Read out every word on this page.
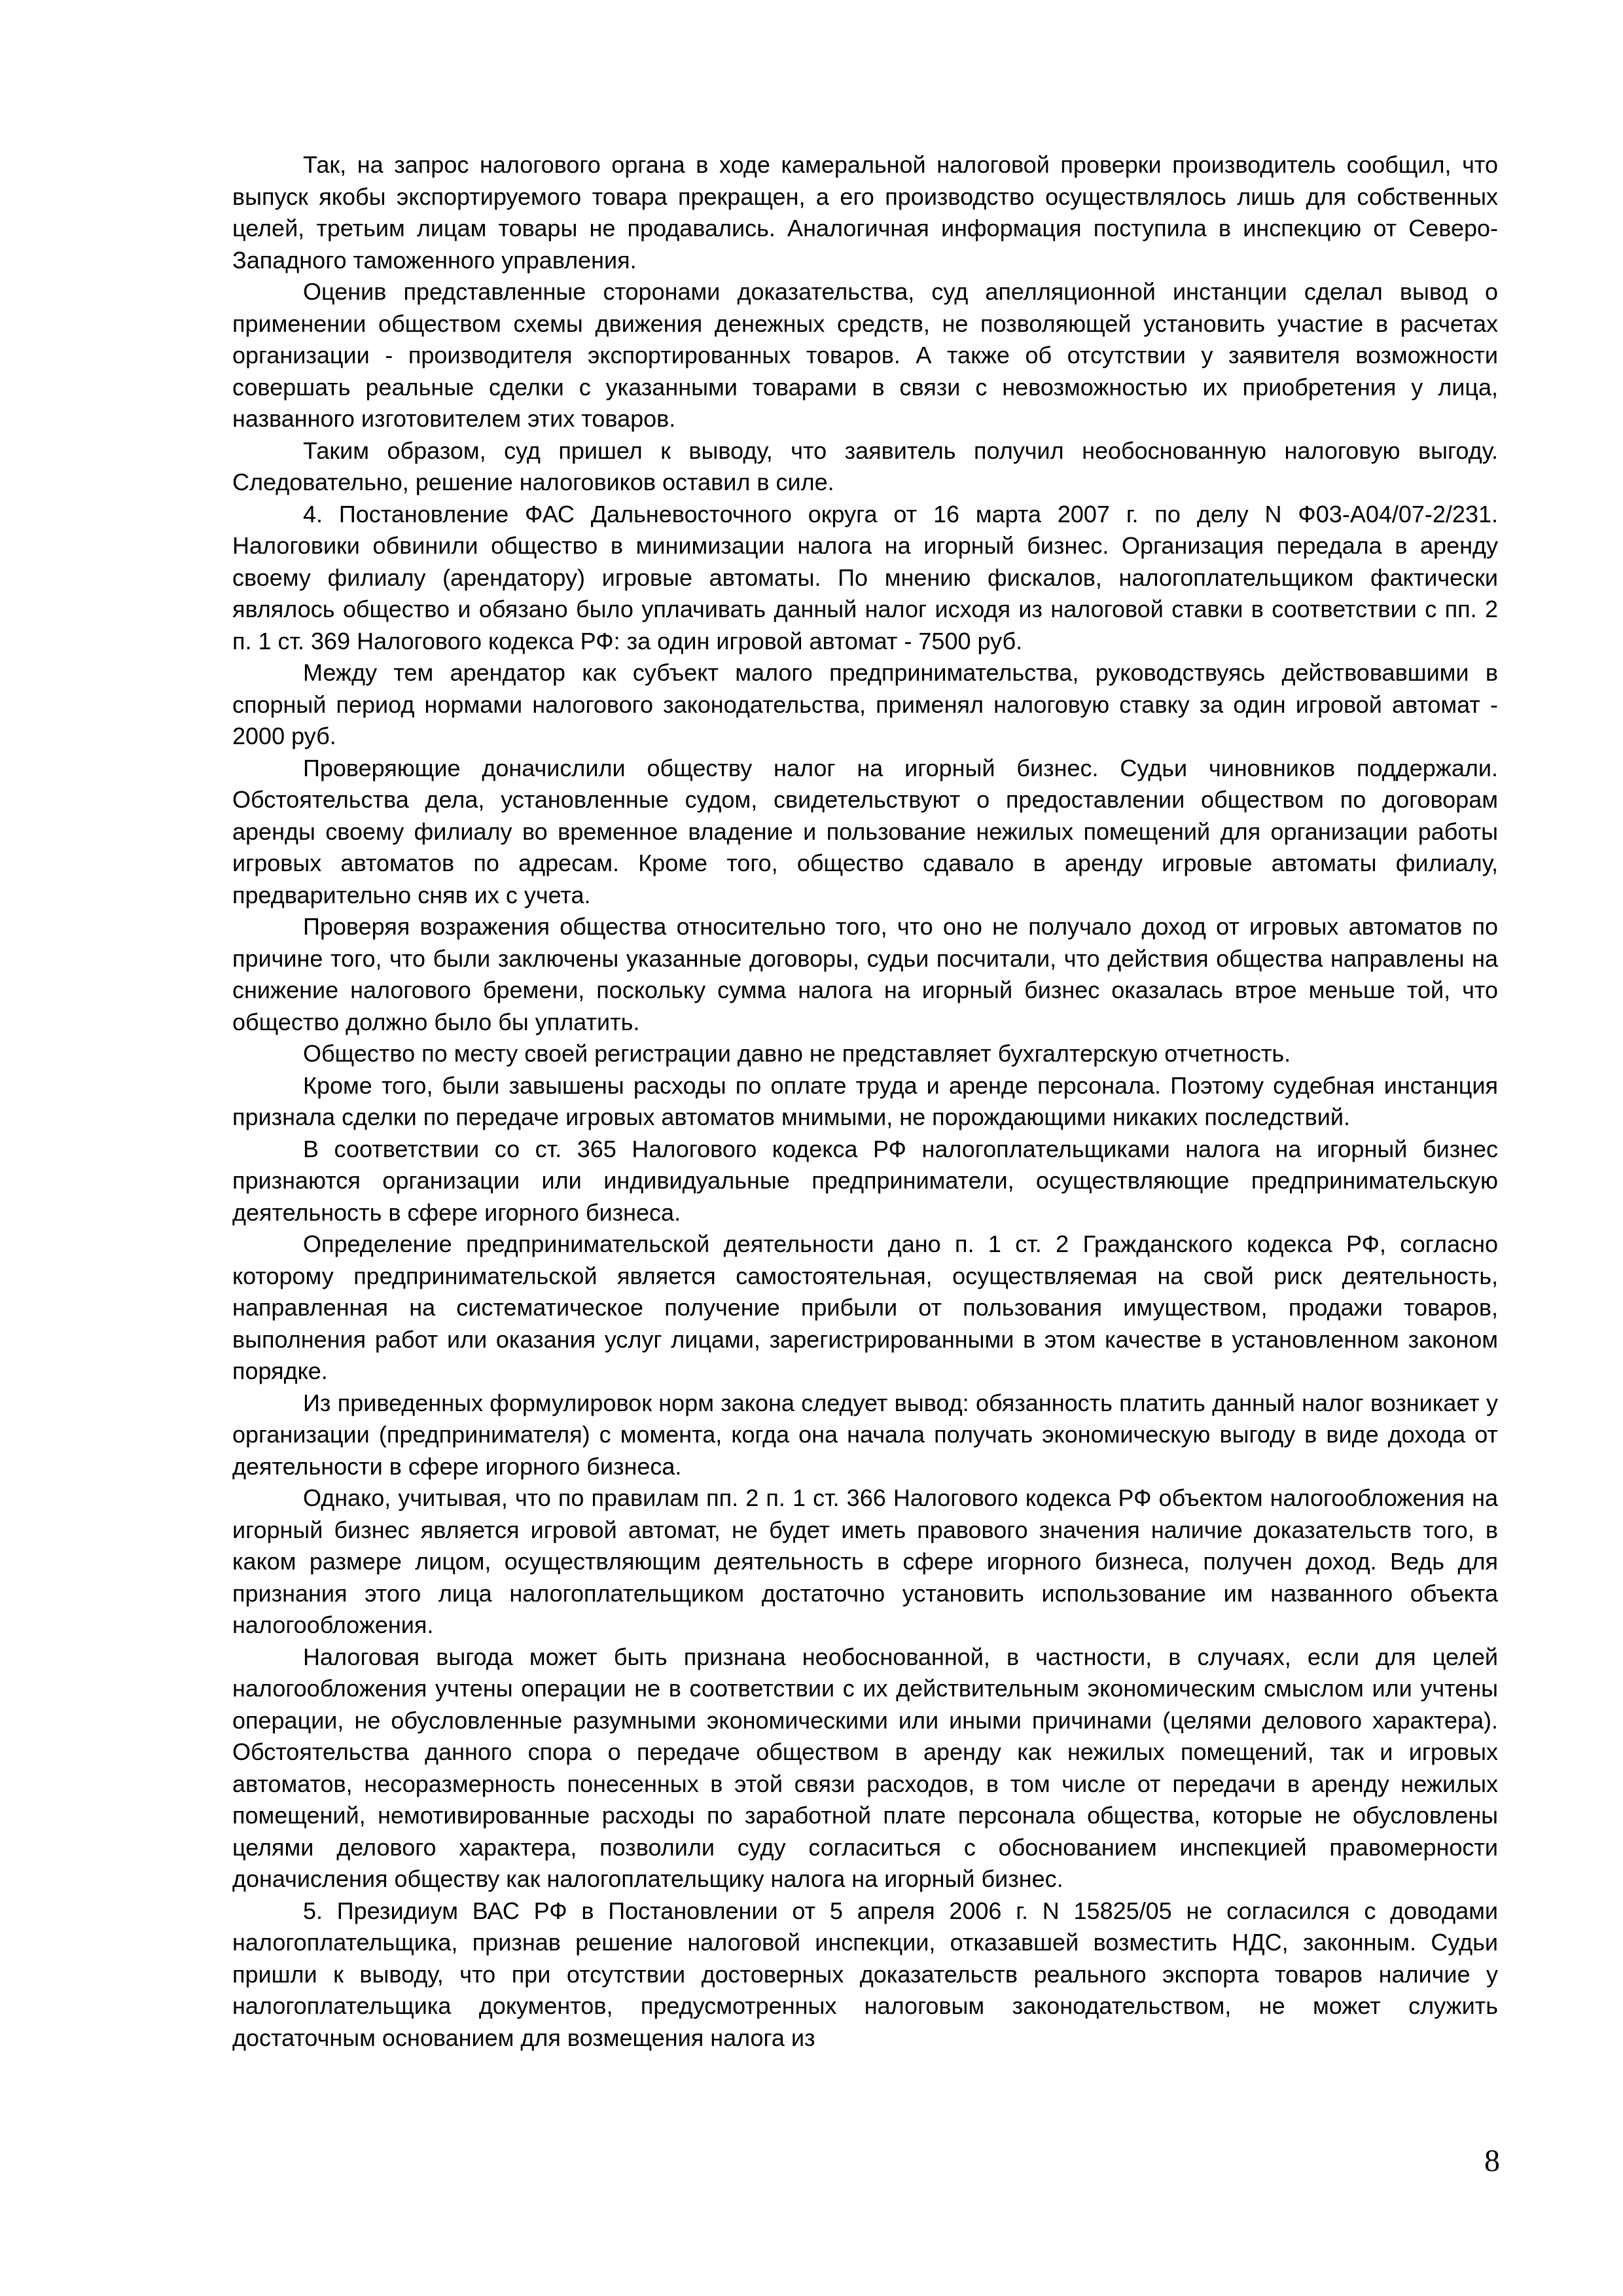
Так, на запрос налогового органа в ходе камеральной налоговой проверки производитель сообщил, что выпуск якобы экспортируемого товара прекращен, а его производство осуществлялось лишь для собственных целей, третьим лицам товары не продавались. Аналогичная информация поступила в инспекцию от Северо-Западного таможенного управления.

Оценив представленные сторонами доказательства, суд апелляционной инстанции сделал вывод о применении обществом схемы движения денежных средств, не позволяющей установить участие в расчетах организации - производителя экспортированных товаров. А также об отсутствии у заявителя возможности совершать реальные сделки с указанными товарами в связи с невозможностью их приобретения у лица, названного изготовителем этих товаров.

Таким образом, суд пришел к выводу, что заявитель получил необоснованную налоговую выгоду. Следовательно, решение налоговиков оставил в силе.

4. Постановление ФАС Дальневосточного округа от 16 марта 2007 г. по делу N Ф03-А04/07-2/231. Налоговики обвинили общество в минимизации налога на игорный бизнес. Организация передала в аренду своему филиалу (арендатору) игровые автоматы. По мнению фискалов, налогоплательщиком фактически являлось общество и обязано было уплачивать данный налог исходя из налоговой ставки в соответствии с пп. 2 п. 1 ст. 369 Налогового кодекса РФ: за один игровой автомат - 7500 руб.

Между тем арендатор как субъект малого предпринимательства, руководствуясь действовавшими в спорный период нормами налогового законодательства, применял налоговую ставку за один игровой автомат - 2000 руб.

Проверяющие доначислили обществу налог на игорный бизнес. Судьи чиновников поддержали. Обстоятельства дела, установленные судом, свидетельствуют о предоставлении обществом по договорам аренды своему филиалу во временное владение и пользование нежилых помещений для организации работы игровых автоматов по адресам. Кроме того, общество сдавало в аренду игровые автоматы филиалу, предварительно сняв их с учета.

Проверяя возражения общества относительно того, что оно не получало доход от игровых автоматов по причине того, что были заключены указанные договоры, судьи посчитали, что действия общества направлены на снижение налогового бремени, поскольку сумма налога на игорный бизнес оказалась втрое меньше той, что общество должно было бы уплатить.

Общество по месту своей регистрации давно не представляет бухгалтерскую отчетность.

Кроме того, были завышены расходы по оплате труда и аренде персонала. Поэтому судебная инстанция признала сделки по передаче игровых автоматов мнимыми, не порождающими никаких последствий.

В соответствии со ст. 365 Налогового кодекса РФ налогоплательщиками налога на игорный бизнес признаются организации или индивидуальные предприниматели, осуществляющие предпринимательскую деятельность в сфере игорного бизнеса.

Определение предпринимательской деятельности дано п. 1 ст. 2 Гражданского кодекса РФ, согласно которому предпринимательской является самостоятельная, осуществляемая на свой риск деятельность, направленная на систематическое получение прибыли от пользования имуществом, продажи товаров, выполнения работ или оказания услуг лицами, зарегистрированными в этом качестве в установленном законом порядке.

Из приведенных формулировок норм закона следует вывод: обязанность платить данный налог возникает у организации (предпринимателя) с момента, когда она начала получать экономическую выгоду в виде дохода от деятельности в сфере игорного бизнеса.

Однако, учитывая, что по правилам пп. 2 п. 1 ст. 366 Налогового кодекса РФ объектом налогообложения на игорный бизнес является игровой автомат, не будет иметь правового значения наличие доказательств того, в каком размере лицом, осуществляющим деятельность в сфере игорного бизнеса, получен доход. Ведь для признания этого лица налогоплательщиком достаточно установить использование им названного объекта налогообложения.

Налоговая выгода может быть признана необоснованной, в частности, в случаях, если для целей налогообложения учтены операции не в соответствии с их действительным экономическим смыслом или учтены операции, не обусловленные разумными экономическими или иными причинами (целями делового характера). Обстоятельства данного спора о передаче обществом в аренду как нежилых помещений, так и игровых автоматов, несоразмерность понесенных в этой связи расходов, в том числе от передачи в аренду нежилых помещений, немотивированные расходы по заработной плате персонала общества, которые не обусловлены целями делового характера, позволили суду согласиться с обоснованием инспекцией правомерности доначисления обществу как налогоплательщику налога на игорный бизнес.

5. Президиум ВАС РФ в Постановлении от 5 апреля 2006 г. N 15825/05 не согласился с доводами налогоплательщика, признав решение налоговой инспекции, отказавшей возместить НДС, законным. Судьи пришли к выводу, что при отсутствии достоверных доказательств реального экспорта товаров наличие у налогоплательщика документов, предусмотренных налоговым законодательством, не может служить достаточным основанием для возмещения налога из

8
